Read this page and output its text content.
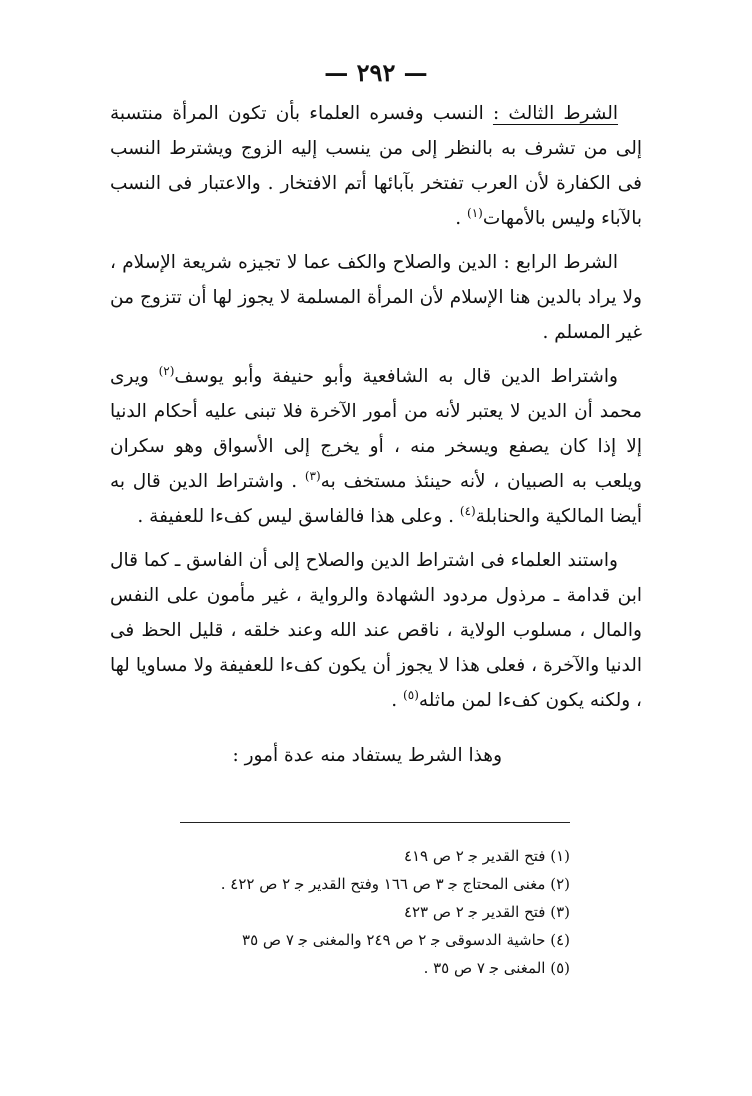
— ٢٩٢ —

الشرط الثالث : النسب وفسره العلماء بأن تكون المرأة منتسبة إلى من تشرف به بالنظر إلى من ينسب إليه الزوج ويشترط النسب فى الكفارة لأن العرب تفتخر بآبائها أتم الافتخار . والاعتبار فى النسب بالآباء وليس بالأمهات$^{(١)}$ .

الشرط الرابع : الدين والصلاح والكف عما لا تجيزه شريعة الإسلام ، ولا يراد بالدين هنا الإسلام لأن المرأة المسلمة لا يجوز لها أن تتزوج من غير المسلم .

واشتراط الدين قال به الشافعية وأبو حنيفة وأبو يوسف$^{(٢)}$ ويرى محمد أن الدين لا يعتبر لأنه من أمور الآخرة فلا تبنى عليه أحكام الدنيا إلا إذا كان يصفع ويسخر منه ، أو يخرج إلى الأسواق وهو سكران ويلعب به الصبيان ، لأنه حينئذ مستخف به$^{(٣)}$ . واشتراط الدين قال به أيضا المالكية والحنابلة$^{(٤)}$ . وعلى هذا فالفاسق ليس كفءا للعفيفة .

واستند العلماء فى اشتراط الدين والصلاح إلى أن الفاسق ـ كما قال ابن قدامة ـ مرذول مردود الشهادة والرواية ، غير مأمون على النفس والمال ، مسلوب الولاية ، ناقص عند الله وعند خلقه ، قليل الحظ فى الدنيا والآخرة ، فعلى هذا لا يجوز أن يكون كفءا للعفيفة ولا مساويا لها ، ولكنه يكون كفءا لمن ماثله$^{(٥)}$ .

وهذا الشرط يستفاد منه عدة أمور :

(١) فتح القدير ﺟ ٢ ص ٤١٩

(٢) مغنى المحتاج ﺟ ٣ ص ١٦٦ وفتح القدير ﺟ ٢ ص ٤٢٢ .

(٣) فتح القدير ﺟ ٢ ص ٤٢٣

(٤) حاشية الدسوقى ﺟ ٢ ص ٢٤٩ والمغنى ﺟ ٧ ص ٣٥

(٥) المغنى ﺟ ٧ ص ٣٥ .
